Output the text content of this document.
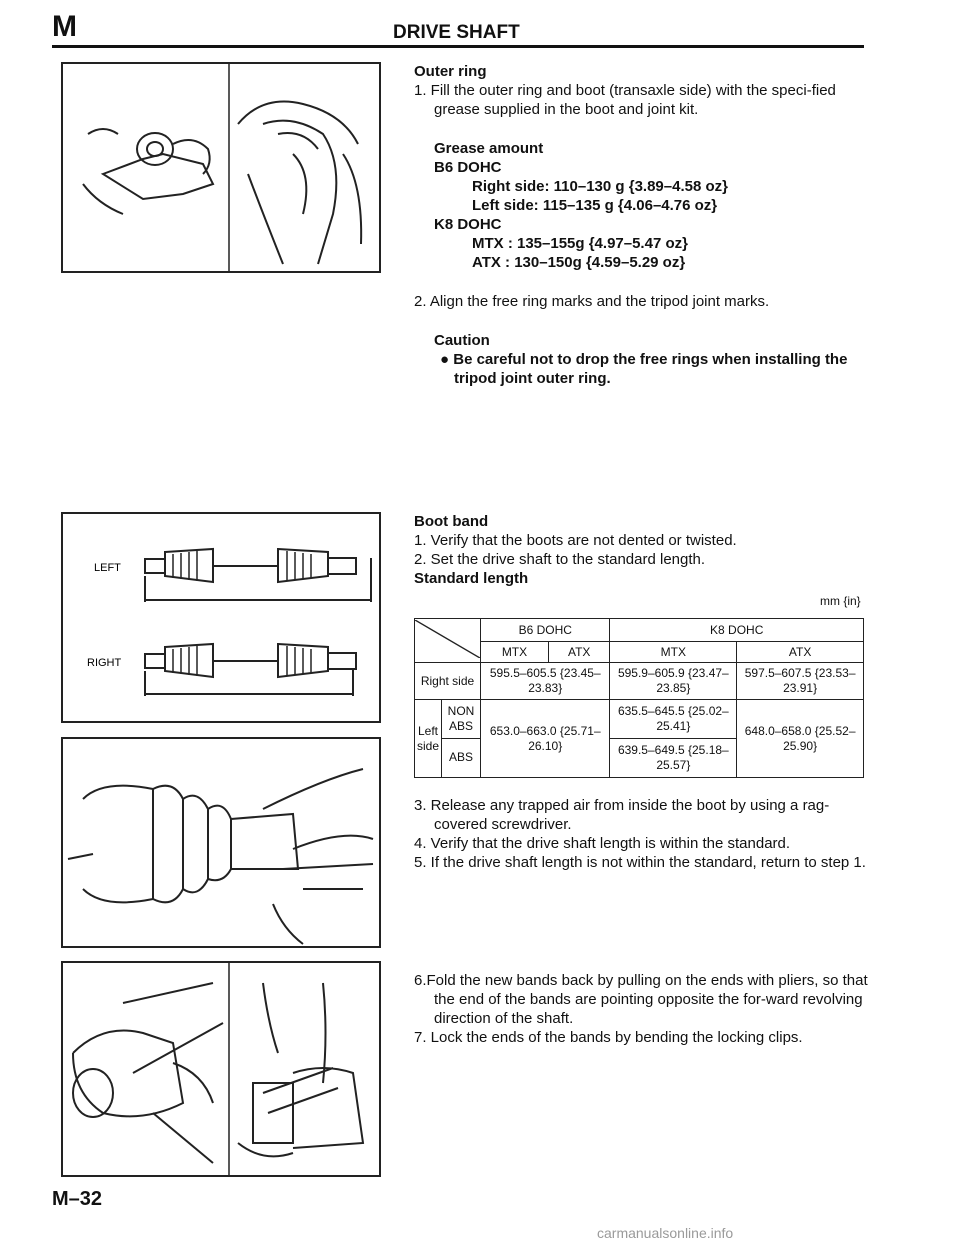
M	DRIVE SHAFT
Outer ring
1. Fill the outer ring and boot (transaxle side) with the speci-fied grease supplied in the boot and joint kit.
Grease amount
B6 DOHC
Right side: 110–130 g {3.89–4.58 oz}
Left side: 115–135 g {4.06–4.76 oz}
K8 DOHC
MTX : 135–155g {4.97–5.47 oz}
ATX : 130–150g {4.59–5.29 oz}
2. Align the free ring marks and the tripod joint marks.
Caution
● Be careful not to drop the free rings when installing the tripod joint outer ring.
LEFT
RIGHT
Boot band
1. Verify that the boots are not dented or twisted.
2. Set the drive shaft to the standard length.
Standard length
mm {in}
	B6 DOHC		K8 DOHC	
		MTX	ATX	MTX	ATX
Right side		595.5–605.5 {23.45–23.83}		595.9–605.9 {23.47–23.85}	597.5–607.5 {23.53–23.91}
Left
side	NON ABS	653.0–663.0 {25.71–26.10}		635.5–645.5 {25.02–25.41}	648.0–658.0 {25.52–25.90}
	ABS			639.5–649.5 {25.18–25.57}	
3. Release any trapped air from inside the boot by using a rag-covered screwdriver.
4. Verify that the drive shaft length is within the standard.
5. If the drive shaft length is not within the standard, return to step 1.
6.Fold the new bands back by pulling on the ends with pliers, so that the end of the bands are pointing opposite the for-ward revolving direction of the shaft.
7. Lock the ends of the bands by bending the locking clips.
M–32
carmanualsonline.info
